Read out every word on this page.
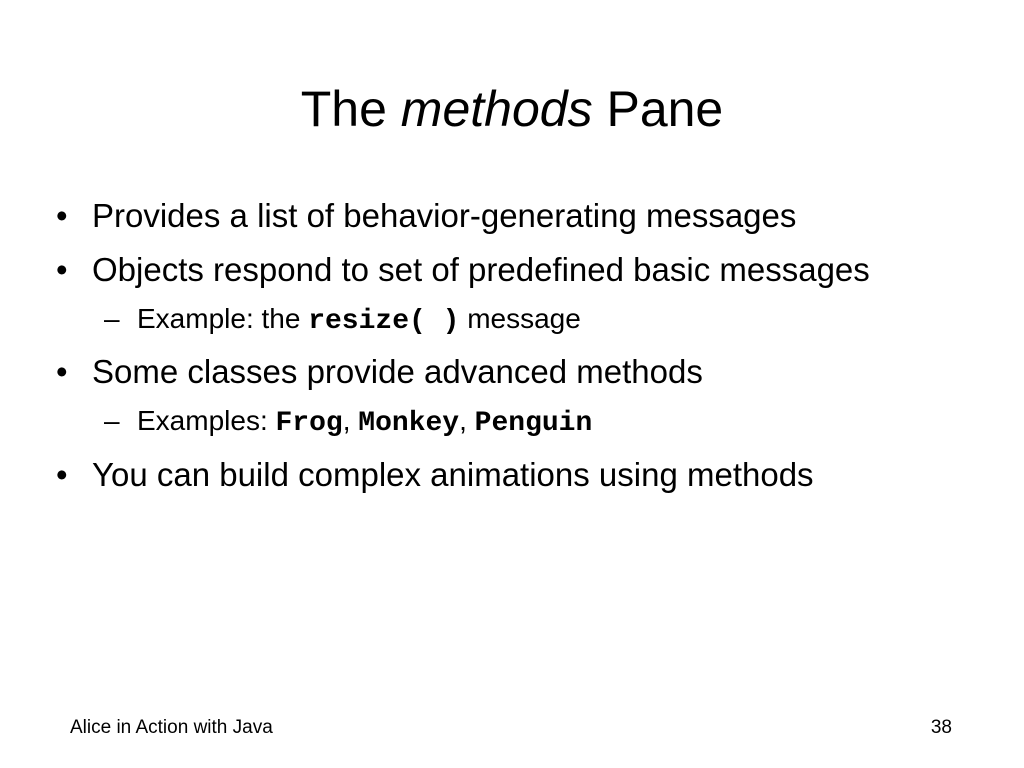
The methods Pane
• Provides a list of behavior-generating messages
• Objects respond to set of predefined basic messages
– Example: the resize( ) message
• Some classes provide advanced methods
– Examples: Frog, Monkey, Penguin
• You can build complex animations using methods
Alice in Action with Java	38
